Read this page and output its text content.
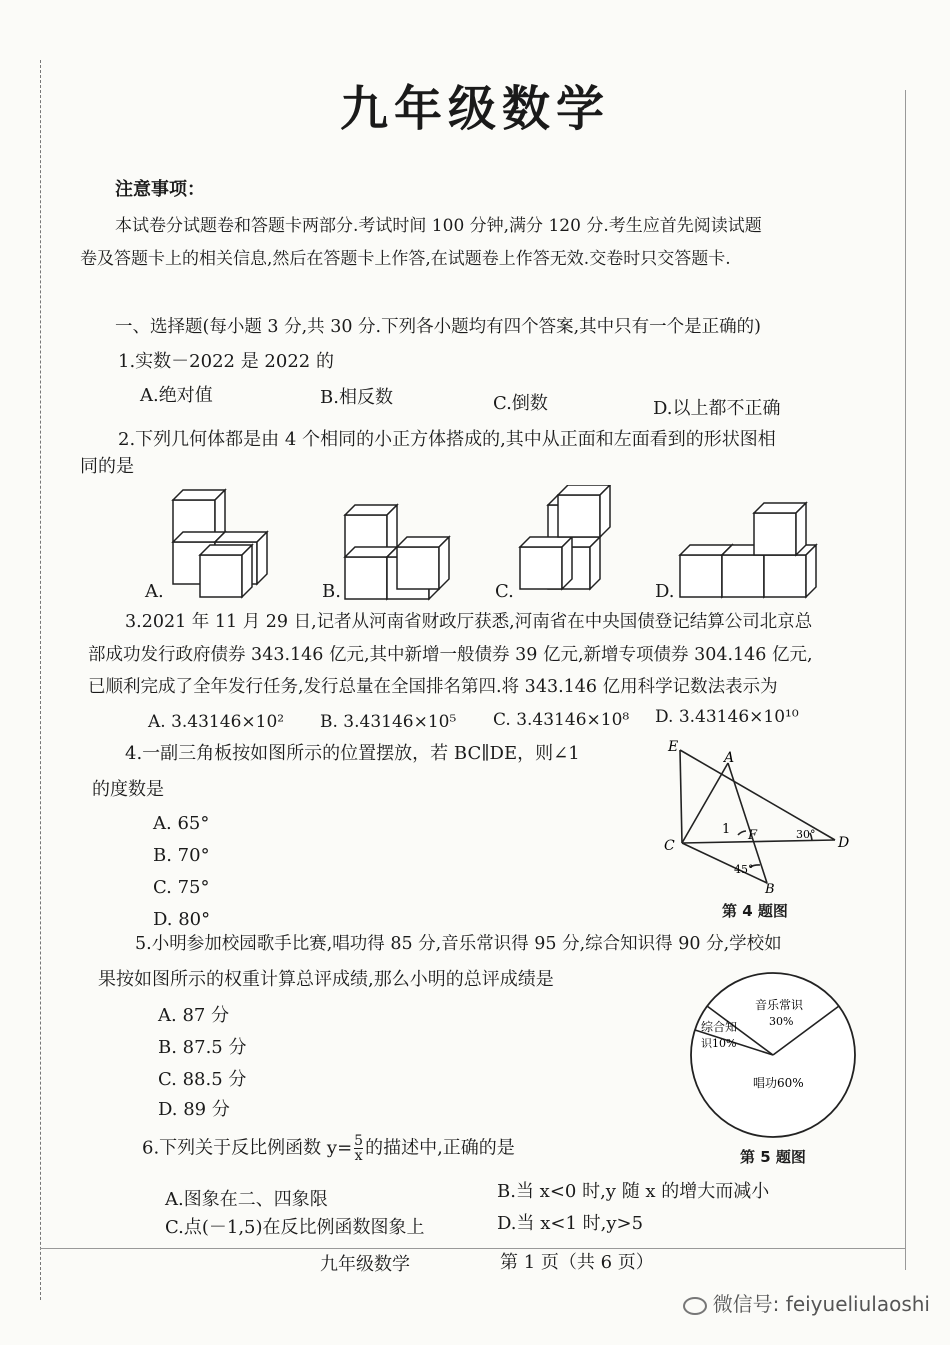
九年级数学
注意事项：
本试卷分试题卷和答题卡两部分.考试时间 100 分钟,满分 120 分.考生应首先阅读试题
卷及答题卡上的相关信息,然后在答题卡上作答,在试题卷上作答无效.交卷时只交答题卡.
一、选择题(每小题 3 分,共 30 分.下列各小题均有四个答案,其中只有一个是正确的)
1.实数－2022 是 2022 的
A.绝对值	B.相反数	C.倒数	D.以上都不正确
2.下列几何体都是由 4 个相同的小正方体搭成的,其中从正面和左面看到的形状图相
同的是
A.	B.	C.	D.
3.2021 年 11 月 29 日,记者从河南省财政厅获悉,河南省在中央国债登记结算公司北京总
部成功发行政府债券 343.146 亿元,其中新增一般债券 39 亿元,新增专项债券 304.146 亿元,
已顺利完成了全年发行任务,发行总量在全国排名第四.将 343.146 亿用科学记数法表示为
A. 3.43146×10² B. 3.43146×10⁵ C. 3.43146×10⁸ D. 3.43146×10¹⁰
4.一副三角板按如图所示的位置摆放，若 BC∥DE，则∠1
的度数是
A. 65°
B. 70°
C. 75°
D. 80°
E
A
C
F	D
B
1	30°
45°
第 4 题图
5.小明参加校园歌手比赛,唱功得 85 分,音乐常识得 95 分,综合知识得 90 分,学校如
果按如图所示的权重计算总评成绩,那么小明的总评成绩是
A. 87 分
B. 87.5 分
C. 88.5 分
D. 89 分
音乐常识
30%
综合知
识10%
唱功60%
第 5 题图
6.下列关于反比例函数 $y= \frac{5}{x}$ 的描述中,正确的是
A.图象在二、四象限	B.当 x<0 时,y 随 x 的增大而减小
C.点(－1,5)在反比例函数图象上	D.当 x<1 时,y>5
九年级数学	第 1 页（共 6 页）
微信号: feiyueliulaoshi
